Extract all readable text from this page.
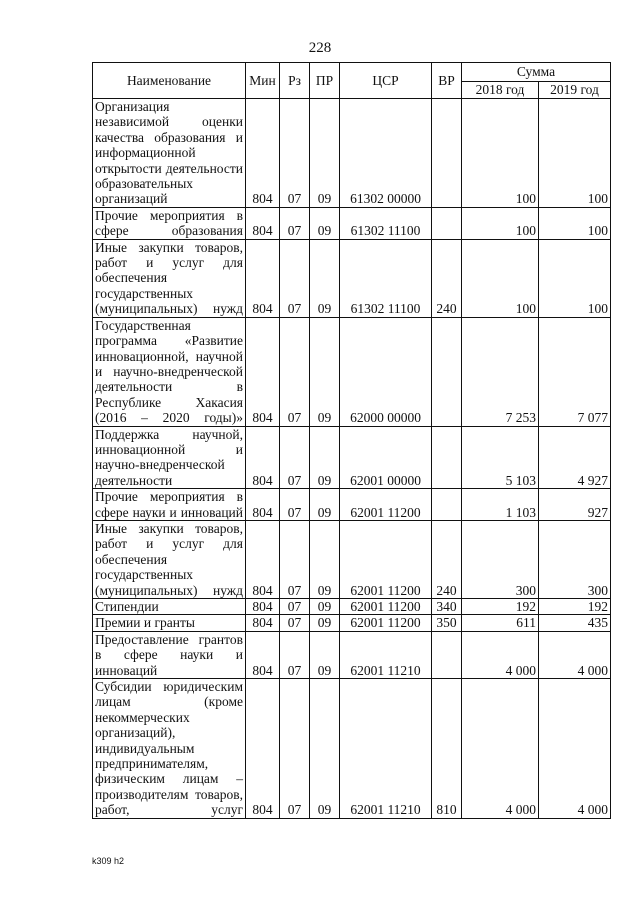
228
Наименование	Мин	Рз	ПР	ЦСР	ВР	Сумма	
						2018 год	2019 год
Организация независимой оценки качества образования и информационной открытости деятельности образовательных организаций	804	07	09	61302 00000		100	100
Прочие мероприятия в сфере образования	804	07	09	61302 11100		100	100
Иные закупки товаров, работ и услуг для обеспечения государственных (муниципальных) нужд	804	07	09	61302 11100	240	100	100
Государственная программа «Развитие инновационной, научной и научно-внедренческой деятельности в Республике Хакасия (2016 – 2020 годы)»	804	07	09	62000 00000		7 253	7 077
Поддержка научной, инновационной и научно-внедренческой деятельности	804	07	09	62001 00000		5 103	4 927
Прочие мероприятия в сфере науки и инноваций	804	07	09	62001 11200		1 103	927
Иные закупки товаров, работ и услуг для обеспечения государственных (муниципальных) нужд	804	07	09	62001 11200	240	300	300
Стипендии	804	07	09	62001 11200	340	192	192
Премии и гранты	804	07	09	62001 11200	350	611	435
Предоставление грантов в сфере науки и инноваций	804	07	09	62001 11210		4 000	4 000
Субсидии юридическим лицам (кроме некоммерческих организаций), индивидуальным предпринимателям, физическим лицам – производителям товаров, работ, услуг	804	07	09	62001 11210	810	4 000	4 000
k309 h2
